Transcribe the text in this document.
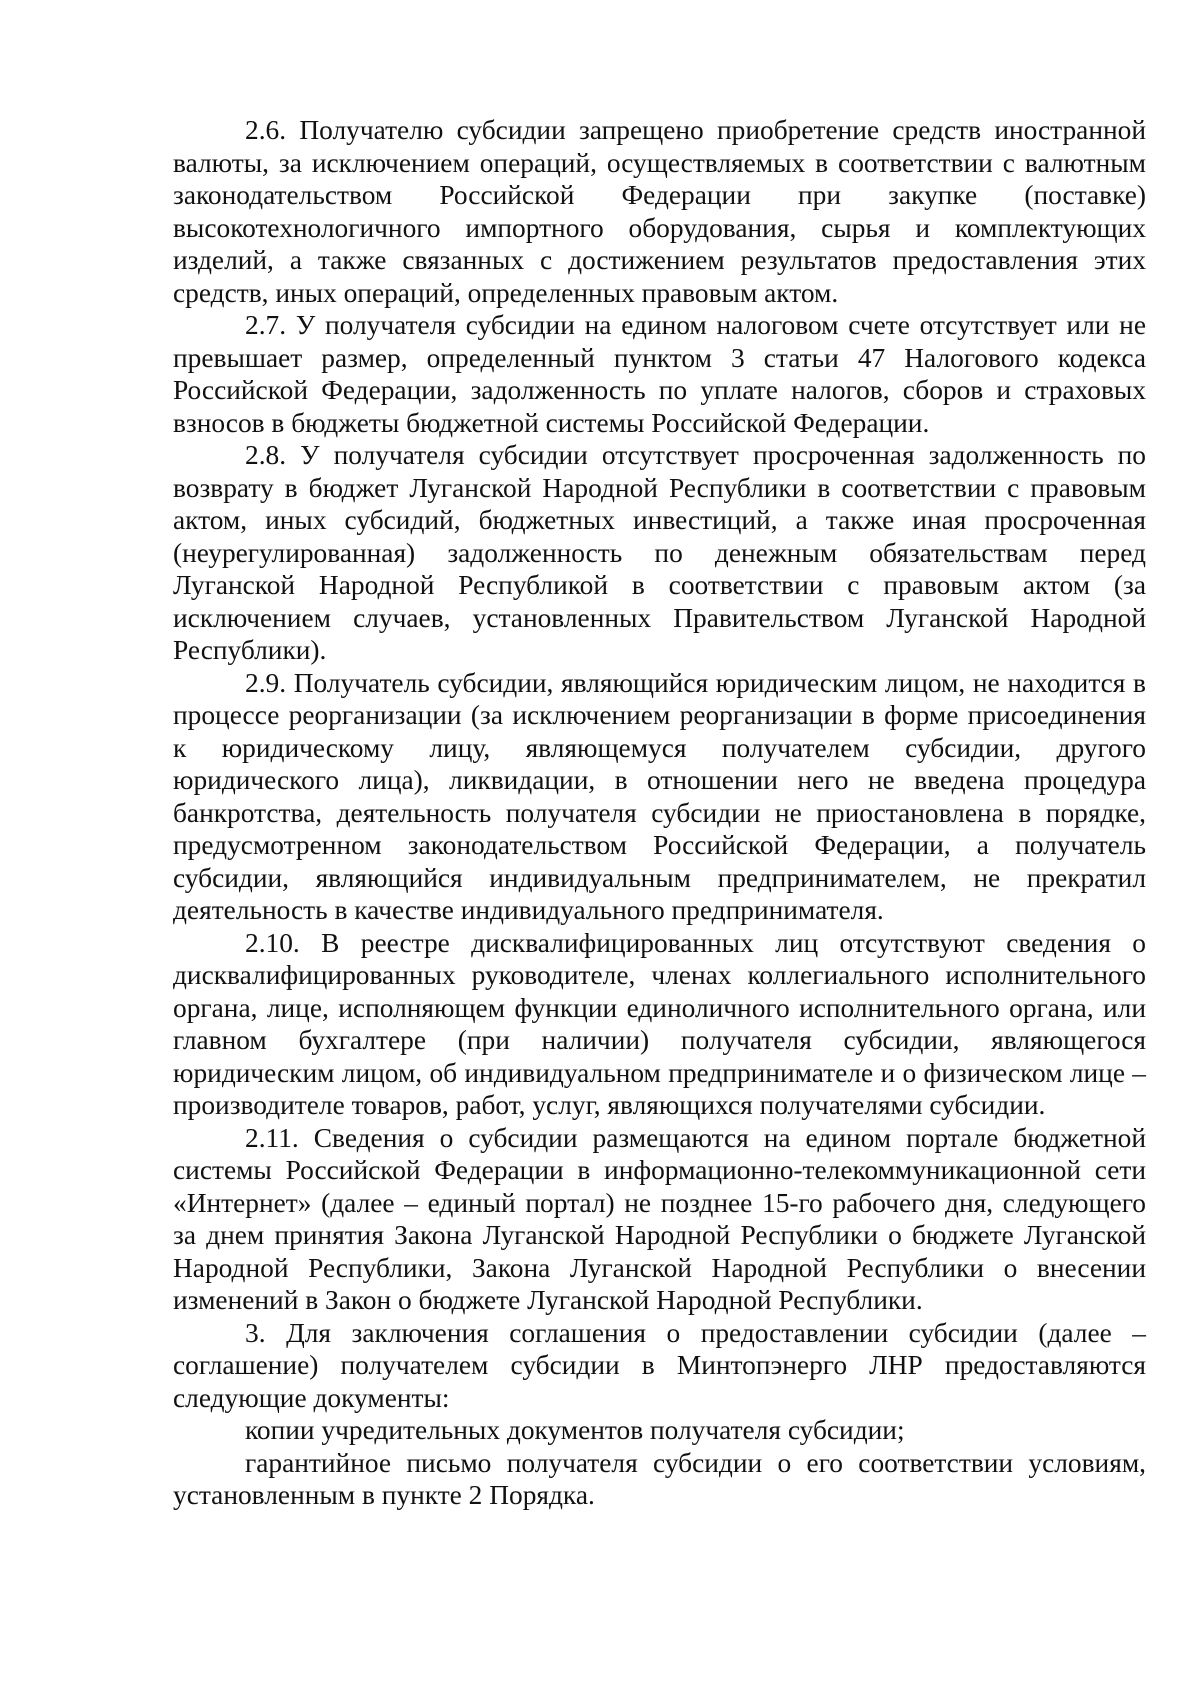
2.6. Получателю субсидии запрещено приобретение средств иностранной валюты, за исключением операций, осуществляемых в соответствии с валютным законодательством Российской Федерации при закупке (поставке) высокотехнологичного импортного оборудования, сырья и комплектующих изделий, а также связанных с достижением результатов предоставления этих средств, иных операций, определенных правовым актом.

2.7. У получателя субсидии на едином налоговом счете отсутствует или не превышает размер, определенный пунктом 3 статьи 47 Налогового кодекса Российской Федерации, задолженность по уплате налогов, сборов и страховых взносов в бюджеты бюджетной системы Российской Федерации.

2.8. У получателя субсидии отсутствует просроченная задолженность по возврату в бюджет Луганской Народной Республики в соответствии с правовым актом, иных субсидий, бюджетных инвестиций, а также иная просроченная (неурегулированная) задолженность по денежным обязательствам перед Луганской Народной Республикой в соответствии с правовым актом (за исключением случаев, установленных Правительством Луганской Народной Республики).

2.9. Получатель субсидии, являющийся юридическим лицом, не находится в процессе реорганизации (за исключением реорганизации в форме присоединения к юридическому лицу, являющемуся получателем субсидии, другого юридического лица), ликвидации, в отношении него не введена процедура банкротства, деятельность получателя субсидии не приостановлена в порядке, предусмотренном законодательством Российской Федерации, а получатель субсидии, являющийся индивидуальным предпринимателем, не прекратил деятельность в качестве индивидуального предпринимателя.

2.10. В реестре дисквалифицированных лиц отсутствуют сведения о дисквалифицированных руководителе, членах коллегиального исполнительного органа, лице, исполняющем функции единоличного исполнительного органа, или главном бухгалтере (при наличии) получателя субсидии, являющегося юридическим лицом, об индивидуальном предпринимателе и о физическом лице – производителе товаров, работ, услуг, являющихся получателями субсидии.

2.11. Сведения о субсидии размещаются на едином портале бюджетной системы Российской Федерации в информационно-телекоммуникационной сети «Интернет» (далее – единый портал) не позднее 15-го рабочего дня, следующего за днем принятия Закона Луганской Народной Республики о бюджете Луганской Народной Республики, Закона Луганской Народной Республики о внесении изменений в Закон о бюджете Луганской Народной Республики.

3. Для заключения соглашения о предоставлении субсидии (далее – соглашение) получателем субсидии в Минтопэнерго ЛНР предоставляются следующие документы:

копии учредительных документов получателя субсидии;

гарантийное письмо получателя субсидии о его соответствии условиям, установленным в пункте 2 Порядка.
